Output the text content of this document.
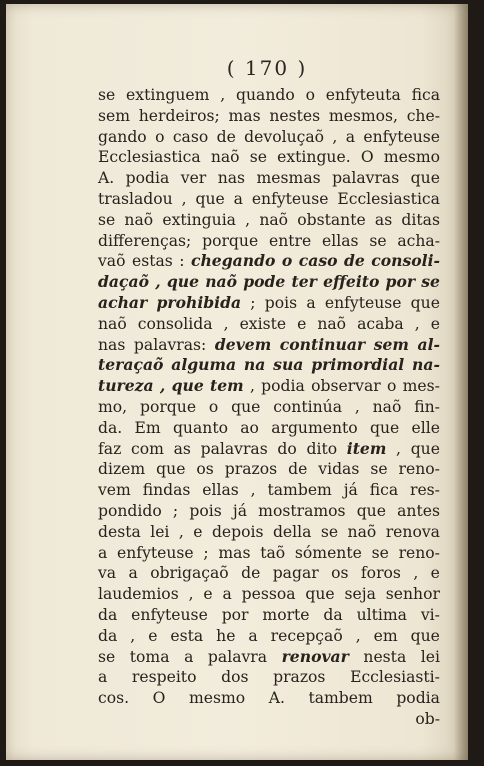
( 170 )
se extinguem , quando o enfyteuta fica
sem herdeiros; mas nestes mesmos, che-
gando o caso de devoluçaõ , a enfyteuse
Ecclesiastica naõ se extingue. O mesmo
A. podia ver nas mesmas palavras que
trasladou , que a enfyteuse Ecclesiastica
se naõ extinguia , naõ obstante as ditas
differenças; porque entre ellas se acha-
vaõ estas : chegando o caso de consoli-
daçaõ , que naõ pode ter effeito por se
achar prohibida ; pois a enfyteuse que
naõ consolida , existe e naõ acaba , e
nas palavras: devem continuar sem al-
teraçaõ alguma na sua primordial na-
tureza , que tem , podia observar o mes-
mo, porque o que continúa , naõ fin-
da. Em quanto ao argumento que elle
faz com as palavras do dito item , que
dizem que os prazos de vidas se reno-
vem findas ellas , tambem já fica res-
pondido ; pois já mostramos que antes
desta lei , e depois della se naõ renova
a enfyteuse ; mas taõ sómente se reno-
va a obrigaçaõ de pagar os foros , e
laudemios , e a pessoa que seja senhor
da enfyteuse por morte da ultima vi-
da , e esta he a recepçaõ , em que
se toma a palavra renovar nesta lei
a respeito dos prazos Ecclesiasti-
cos. O mesmo A. tambem podia
ob-
